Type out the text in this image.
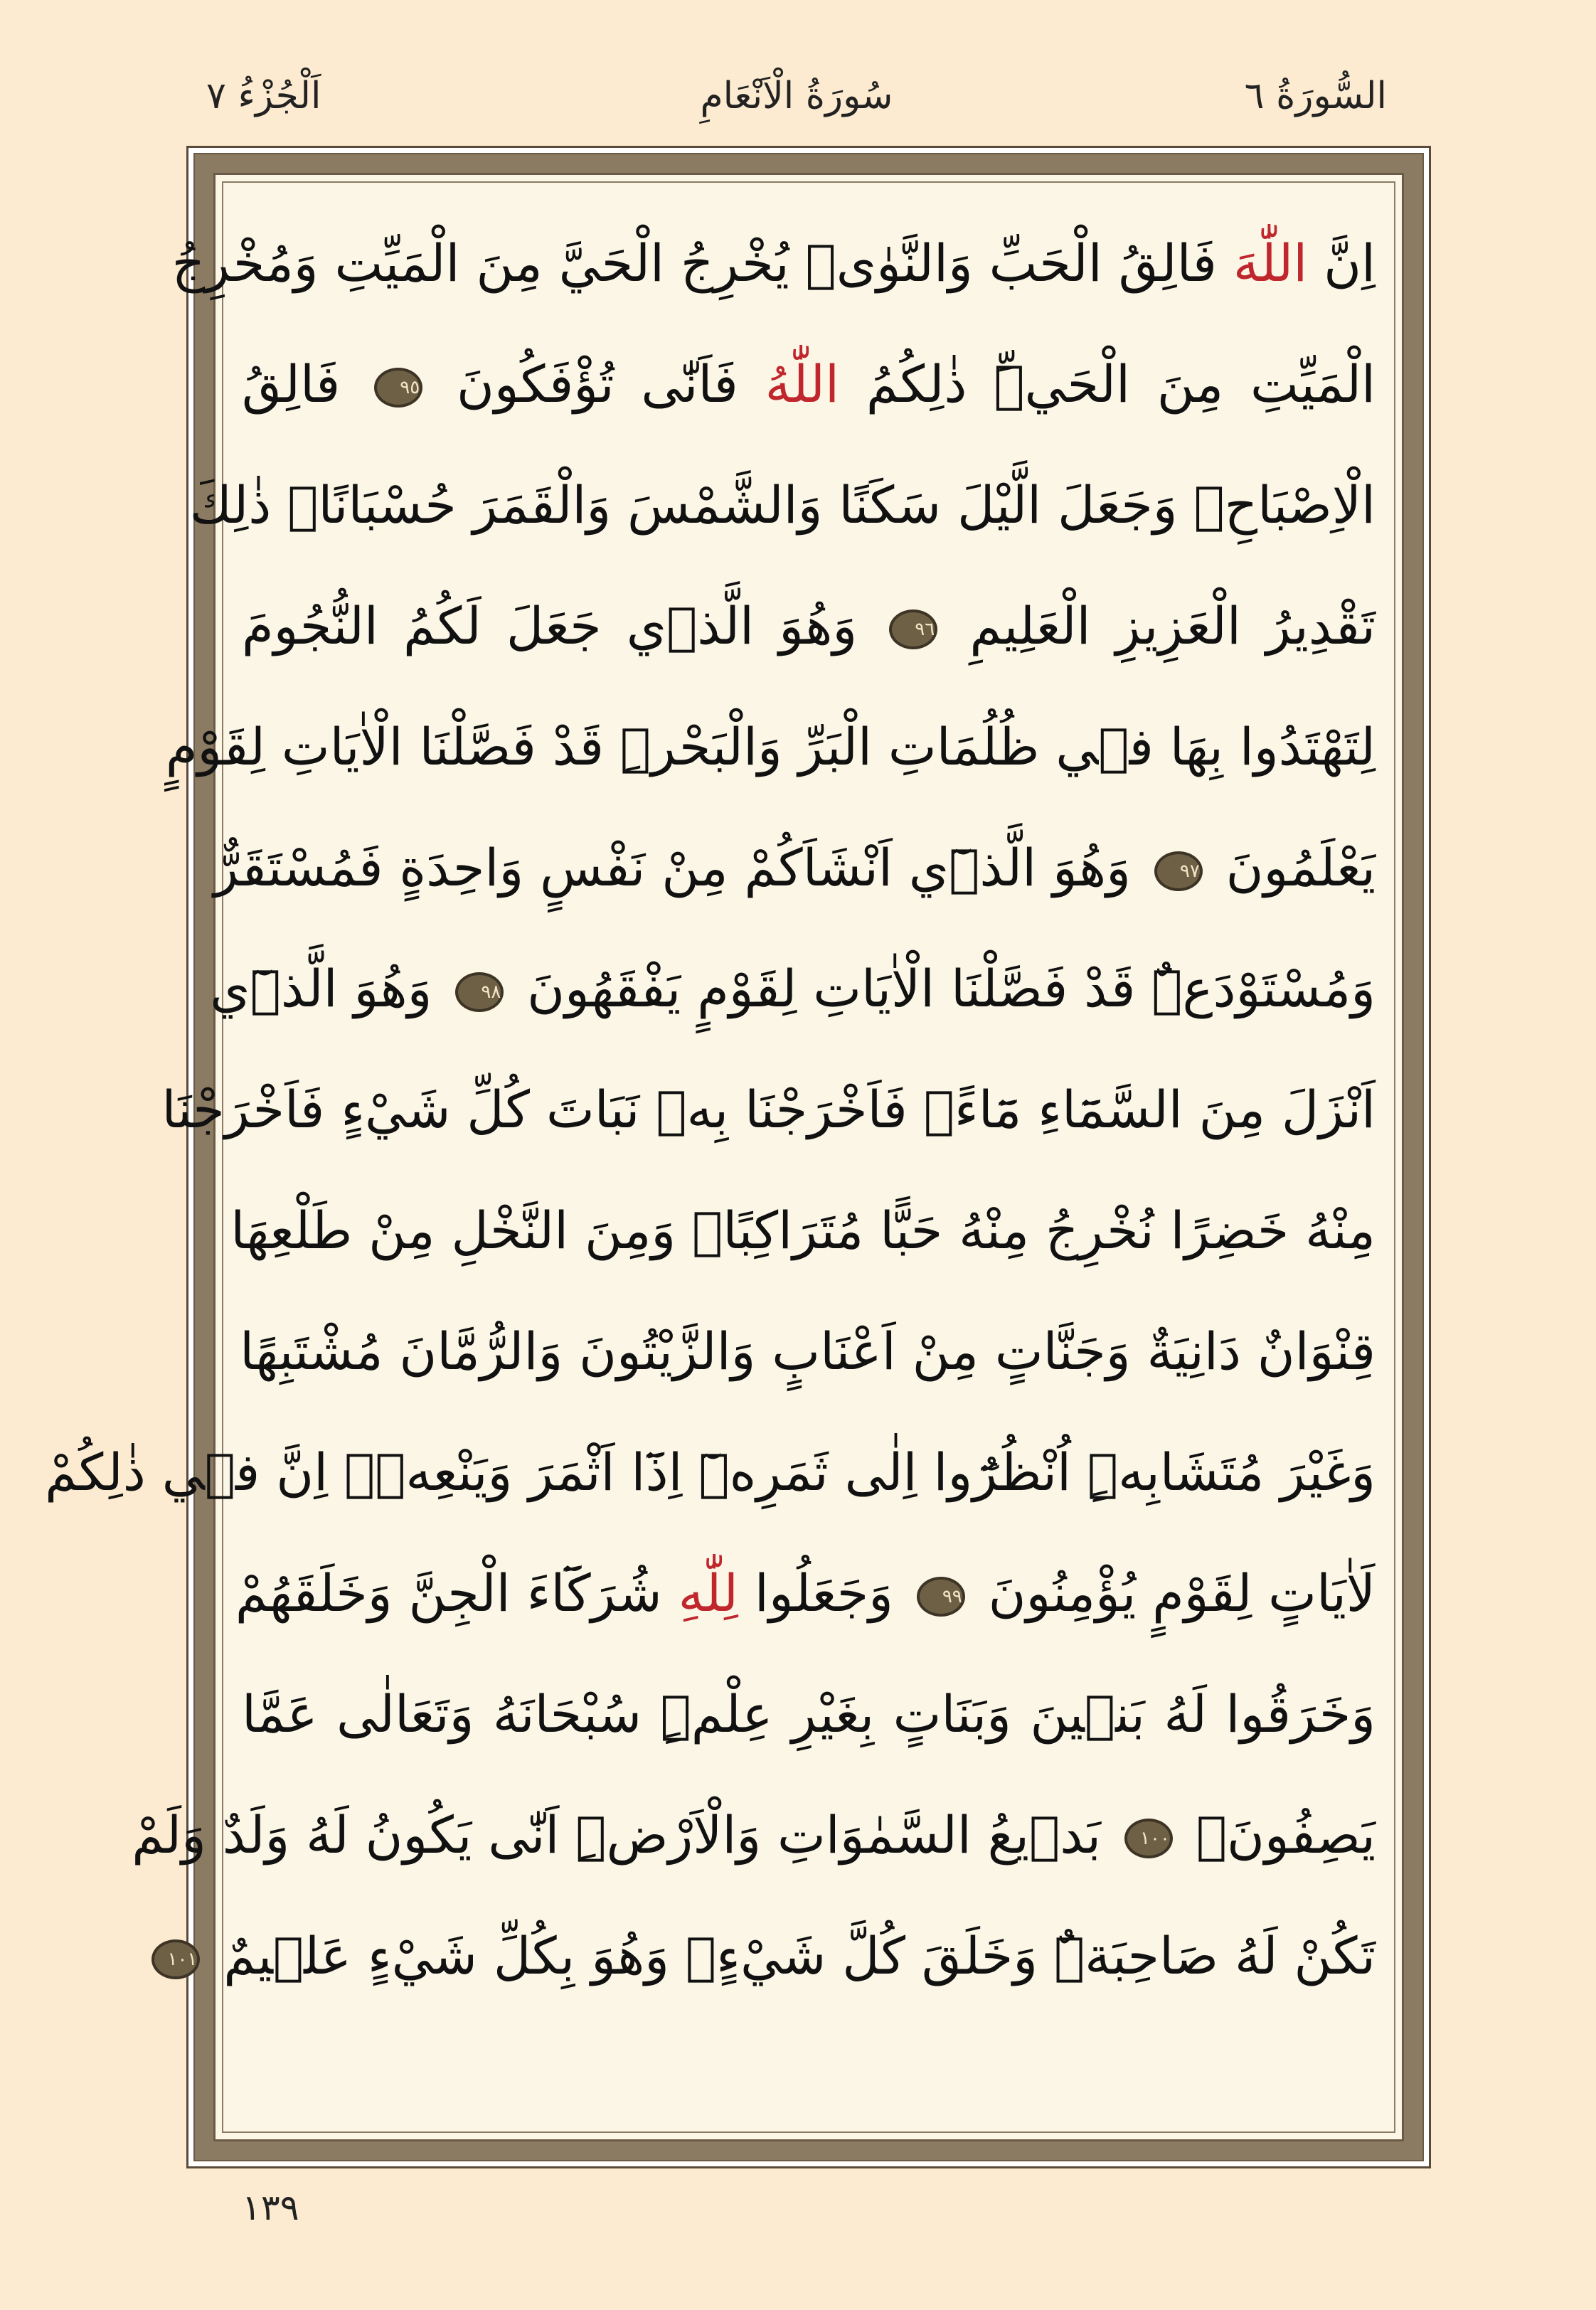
السُّورَةُ ٦
سُورَةُ الْاَنْعَامِ
اَلْجُزْءُ ٧
اِنَّ اللّٰهَ فَالِقُ الْحَبِّ وَالنَّوٰىۜ يُخْرِجُ الْحَيَّ مِنَ الْمَيِّتِ وَمُخْرِجُ
الْمَيِّتِ مِنَ الْحَيِّۜ ذٰلِكُمُ اللّٰهُ فَاَنّٰى تُؤْفَكُونَ ٩٥ فَالِقُ
الْاِصْبَاحِۚ وَجَعَلَ الَّيْلَ سَكَنًا وَالشَّمْسَ وَالْقَمَرَ حُسْبَانًاۜ ذٰلِكَ
تَقْدِيرُ الْعَزِيزِ الْعَلِيمِ ٩٦ وَهُوَ الَّذ۪ي جَعَلَ لَكُمُ النُّجُومَ
لِتَهْتَدُوا بِهَا ف۪ي ظُلُمَاتِ الْبَرِّ وَالْبَحْرِۜ قَدْ فَصَّلْنَا الْاٰيَاتِ لِقَوْمٍ
يَعْلَمُونَ ٩٧ وَهُوَ الَّذ۪ٓي اَنْشَاَكُمْ مِنْ نَفْسٍ وَاحِدَةٍ فَمُسْتَقَرٌّ
وَمُسْتَوْدَعٌۜ قَدْ فَصَّلْنَا الْاٰيَاتِ لِقَوْمٍ يَفْقَهُونَ ٩٨ وَهُوَ الَّذ۪ٓي
اَنْزَلَ مِنَ السَّمَٓاءِ مَٓاءًۚ فَاَخْرَجْنَا بِه۪ نَبَاتَ كُلِّ شَيْءٍ فَاَخْرَجْنَا
مِنْهُ خَضِرًا نُخْرِجُ مِنْهُ حَبًّا مُتَرَاكِبًاۚ وَمِنَ النَّخْلِ مِنْ طَلْعِهَا
قِنْوَانٌ دَانِيَةٌ وَجَنَّاتٍ مِنْ اَعْنَابٍ وَالزَّيْتُونَ وَالرُّمَّانَ مُشْتَبِهًا
وَغَيْرَ مُتَشَابِهٍۜ اُنْظُرُٓوا اِلٰى ثَمَرِه۪ٓ اِذَٓا اَثْمَرَ وَيَنْعِه۪ۜ اِنَّ ف۪ي ذٰلِكُمْ
لَاٰيَاتٍ لِقَوْمٍ يُؤْمِنُونَ ٩٩ وَجَعَلُوا لِلّٰهِ شُرَكَٓاءَ الْجِنَّ وَخَلَقَهُمْ
وَخَرَقُوا لَهُ بَن۪ينَ وَبَنَاتٍ بِغَيْرِ عِلْمٍۜ سُبْحَانَهُ وَتَعَالٰى عَمَّا
يَصِفُونَ۟ ١٠٠ بَد۪يعُ السَّمٰوَاتِ وَالْاَرْضِۜ اَنّٰى يَكُونُ لَهُ وَلَدٌ وَلَمْ
تَكُنْ لَهُ صَاحِبَةٌۜ وَخَلَقَ كُلَّ شَيْءٍۚ وَهُوَ بِكُلِّ شَيْءٍ عَل۪يمٌ ١٠١
١٣٩
